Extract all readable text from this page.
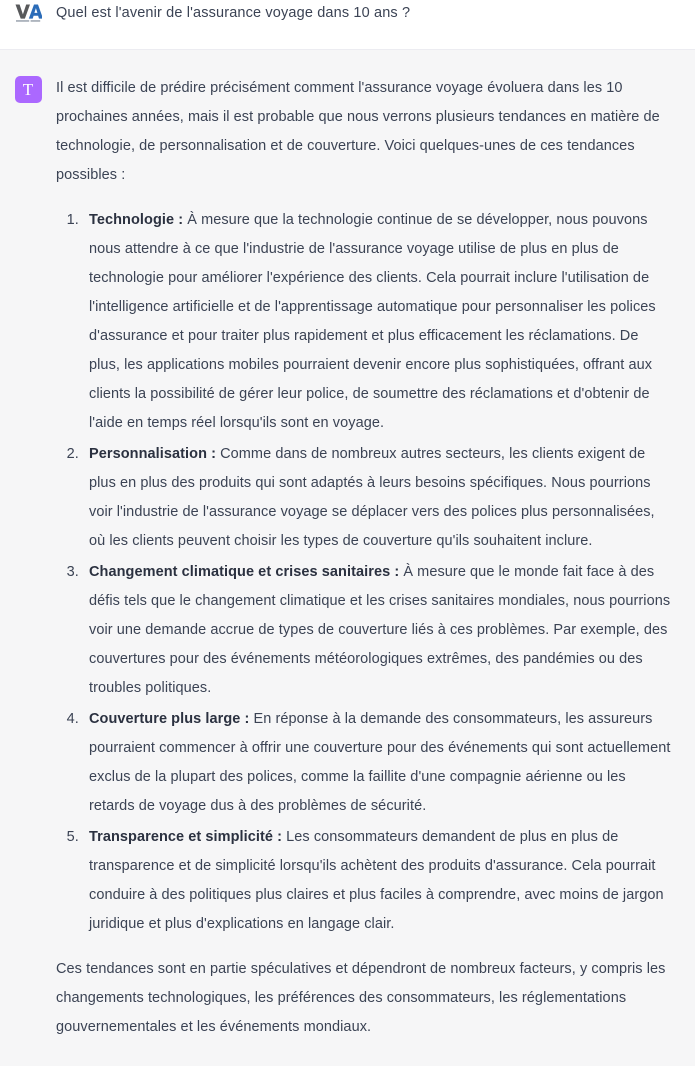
Quel est l'avenir de l'assurance voyage dans 10 ans ?

T Il est difficile de prédire précisément comment l'assurance voyage évoluera dans les 10 prochaines années, mais il est probable que nous verrons plusieurs tendances en matière de technologie, de personnalisation et de couverture. Voici quelques-unes de ces tendances possibles :

1. Technologie : À mesure que la technologie continue de se développer, nous pouvons nous attendre à ce que l'industrie de l'assurance voyage utilise de plus en plus de technologie pour améliorer l'expérience des clients. Cela pourrait inclure l'utilisation de l'intelligence artificielle et de l'apprentissage automatique pour personnaliser les polices d'assurance et pour traiter plus rapidement et plus efficacement les réclamations. De plus, les applications mobiles pourraient devenir encore plus sophistiquées, offrant aux clients la possibilité de gérer leur police, de soumettre des réclamations et d'obtenir de l'aide en temps réel lorsqu'ils sont en voyage.
2. Personnalisation : Comme dans de nombreux autres secteurs, les clients exigent de plus en plus des produits qui sont adaptés à leurs besoins spécifiques. Nous pourrions voir l'industrie de l'assurance voyage se déplacer vers des polices plus personnalisées, où les clients peuvent choisir les types de couverture qu'ils souhaitent inclure.
3. Changement climatique et crises sanitaires : À mesure que le monde fait face à des défis tels que le changement climatique et les crises sanitaires mondiales, nous pourrions voir une demande accrue de types de couverture liés à ces problèmes. Par exemple, des couvertures pour des événements météorologiques extrêmes, des pandémies ou des troubles politiques.
4. Couverture plus large : En réponse à la demande des consommateurs, les assureurs pourraient commencer à offrir une couverture pour des événements qui sont actuellement exclus de la plupart des polices, comme la faillite d'une compagnie aérienne ou les retards de voyage dus à des problèmes de sécurité.
5. Transparence et simplicité : Les consommateurs demandent de plus en plus de transparence et de simplicité lorsqu'ils achètent des produits d'assurance. Cela pourrait conduire à des politiques plus claires et plus faciles à comprendre, avec moins de jargon juridique et plus d'explications en langage clair.

Ces tendances sont en partie spéculatives et dépendront de nombreux facteurs, y compris les changements technologiques, les préférences des consommateurs, les réglementations gouvernementales et les événements mondiaux.
